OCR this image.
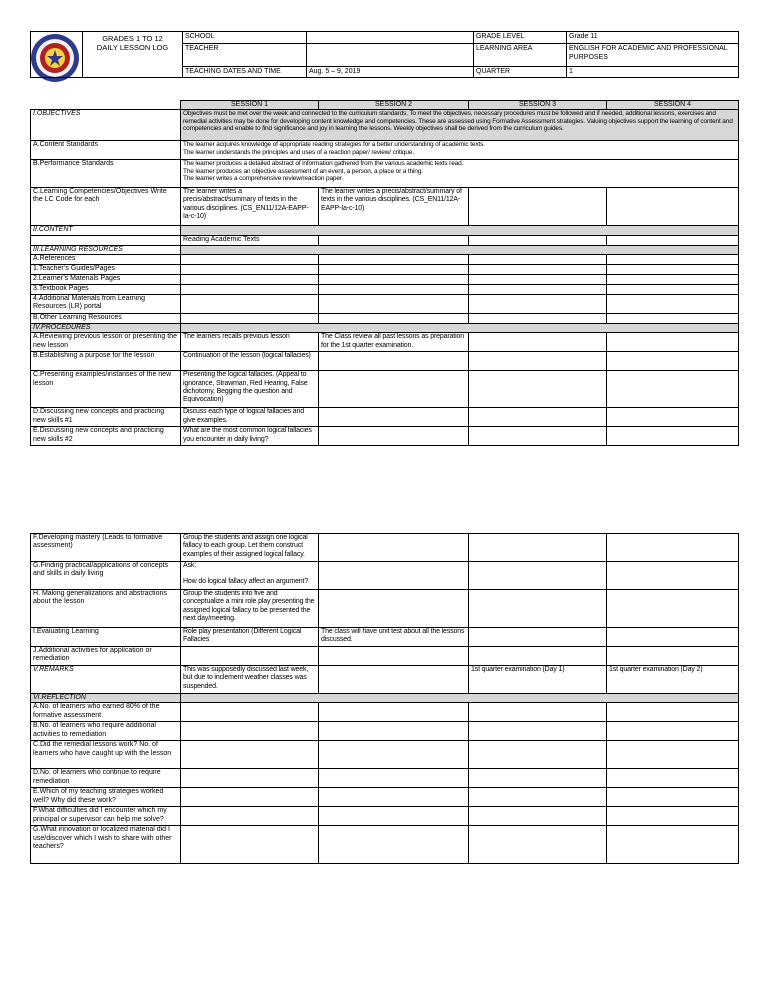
	GRADES 1 TO 12
DAILY LESSON LOG	SCHOOL		GRADE LEVEL	Grade 11
		TEACHER		LEARNING AREA	ENGLISH FOR ACADEMIC AND PROFESSIONAL PURPOSES
		TEACHING DATES AND TIME	Aug. 5 – 9, 2019	QUARTER	1
	SESSION 1	SESSION 2	SESSION 3	SESSION 4
I.OBJECTIVES	Objectives must be met over the week and connected to the curriculum standards. To meet the objectives, necessary procedures must be followed and if needed, additional lessons, exercises and remedial activities may be done for developing content knowledge and competencies. These are assessed using Formative Assessment strategies. Valuing objectives support the learning of content and competencies and enable to find significance and joy in learning the lessons. Weekly objectives shall be derived from the curriculum guides.			
A.Content Standards	The learner acquires knowledge of appropriate reading strategies for a better understanding of academic texts.
The learner understands the principles and uses of a reaction paper/ review/ critique.			

B.Performance Standards	The learner produces a detailed abstract of information gathered from the various academic texts read.
The learner produces an objective assessment of an event, a person, a place or a thing.
The learner writes a comprehensive review/reaction paper			

C.Learning Competencies/Objectives Write the LC Code for each	The learner writes a precis/abstract/summary of texts in the various disciplines. (CS_EN11/12A-EAPP-Ia-c-10)	The learner writes a precis/abstract/summary of texts in the various disciplines. (CS_EN11/12A-EAPP-Ia-c-10)		
II.CONTENT				
	Reading Academic Texts			
III.LEARNING RESOURCES				
A.References				
1.Teacher’s Guides/Pages				
2.Learner’s Materials Pages				
3.Textbook Pages				
4.Additional Materials from Learning Resources (LR) portal				
B.Other Learning Resources				
IV.PROCEDURES				
A.Reviewing previous lesson or presenting the new lesson	The learners recalls previous lesson	The Class review all past lessons as preparation for the 1st quarter examination.		
B.Establishing a purpose for the lesson	Continuation of the lesson (logical fallacies)			
C.Presenting examples/instanses of the new lesson	Presenting the logical fallacies. (Appeal to ignorance, Strawman, Red Hearing, False dichotomy, Begging the question and Equivocation)			
D.Discussing new concepts and practicing new skills #1	Discuss each type of logical fallacies and give examples.			
E.Discussing new concepts and practicing new skills #2	What are the most common logical fallacies you encounter in daily living?			
F.Developing mastery (Leads to formative assessment)	Group the students and assign one logical fallacy to each group. Let them construct examples of their assigned logical fallacy.			
G.Finding practical/applications of concepts and skills in daily living	Ask:
How do logical fallacy affect an argument?			

H. Making generalizations and abstractions about the lesson	Group the students into five and conceptualize a mini role play presenting the assigned logical fallacy to be presented the next day/meeting.			
I.Evaluating Learning	Role play presentation (Different Logical Fallacies	The class will have unit test about all the lessons discussed.		
J.Additional activities for application or remediation				
V.REMARKS	This was supposedly discussed last week, but due to inclement weather classes was suspended.		1st quarter examination (Day 1)	1st quarter examination (Day 2)
VI.REFLECTION				
A.No. of learners who earned 80% of the formative assessment				
B.No. of learners who require additional activities to remediation				
C.Did the remedial lessons work? No. of learners who have caught up with the lesson				
D.No. of learners who continue to require remediation				
E.Which of my teaching strategies worked well? Why did these work?				
F.What difficulties did I encounter which my principal or supervisor can help me solve?				
G.What innovation or localized material did I use/discover which I wish to share with other teachers?				
